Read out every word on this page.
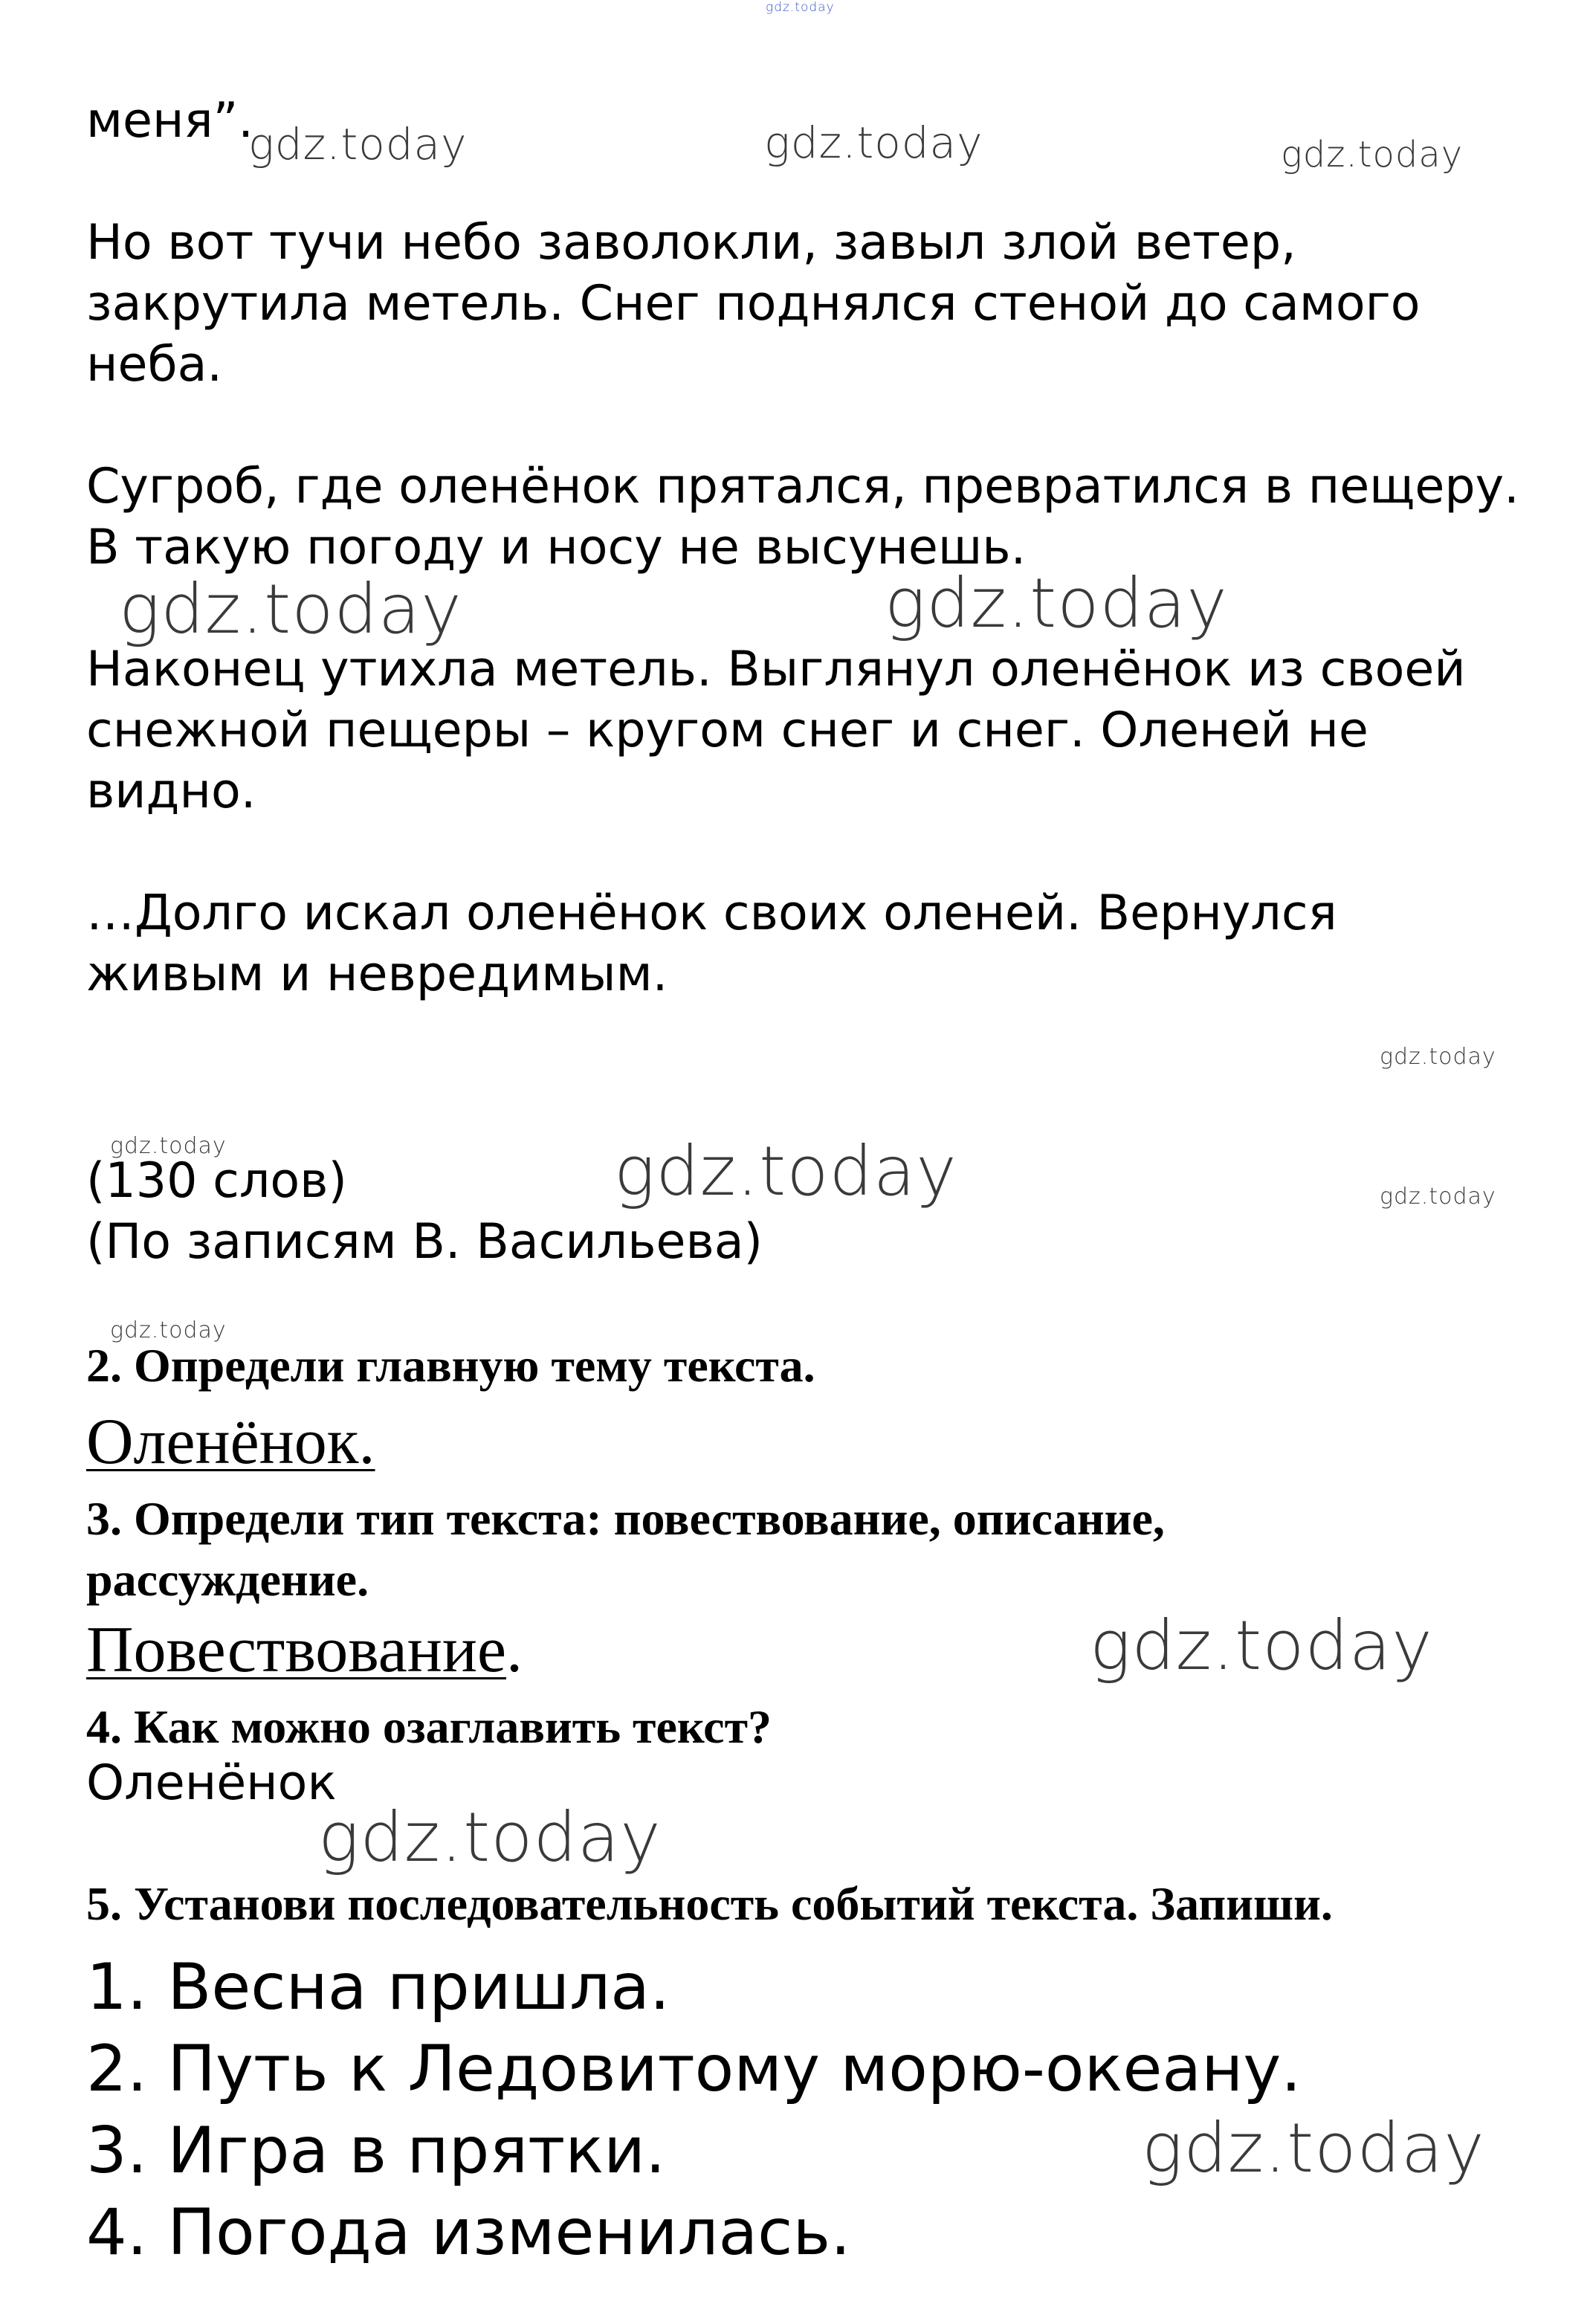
gdz.today
меня”.
gdz.today	gdz.today	gdz.today
Но вот тучи небо заволокли, завыл злой ветер,
закрутила метель. Снег поднялся стеной до самого
неба.
Сугроб, где оленёнок прятался, превратился в пещеру.
В такую погоду и носу не высунешь.
gdz.today	gdz.today
Наконец утихла метель. Выглянул оленёнок из своей
снежной пещеры – кругом снег и снег. Оленей не
видно.
…Долго искал оленёнок своих оленей. Вернулся
живым и невредимым.
gdz.today
gdz.today
(130 слов)	gdz.today	gdz.today
(По записям В. Васильева)
gdz.today
2. Определи главную тему текста.
Оленёнок.
3. Определи тип текста: повествование, описание,
рассуждение.
Повествование.	gdz.today
4. Как можно озаглавить текст?
Оленёнок
gdz.today
5. Установи последовательность событий текста. Запиши.
1. Весна пришла.
2. Путь к Ледовитому морю-океану.
3. Игра в прятки.	gdz.today
4. Погода изменилась.
